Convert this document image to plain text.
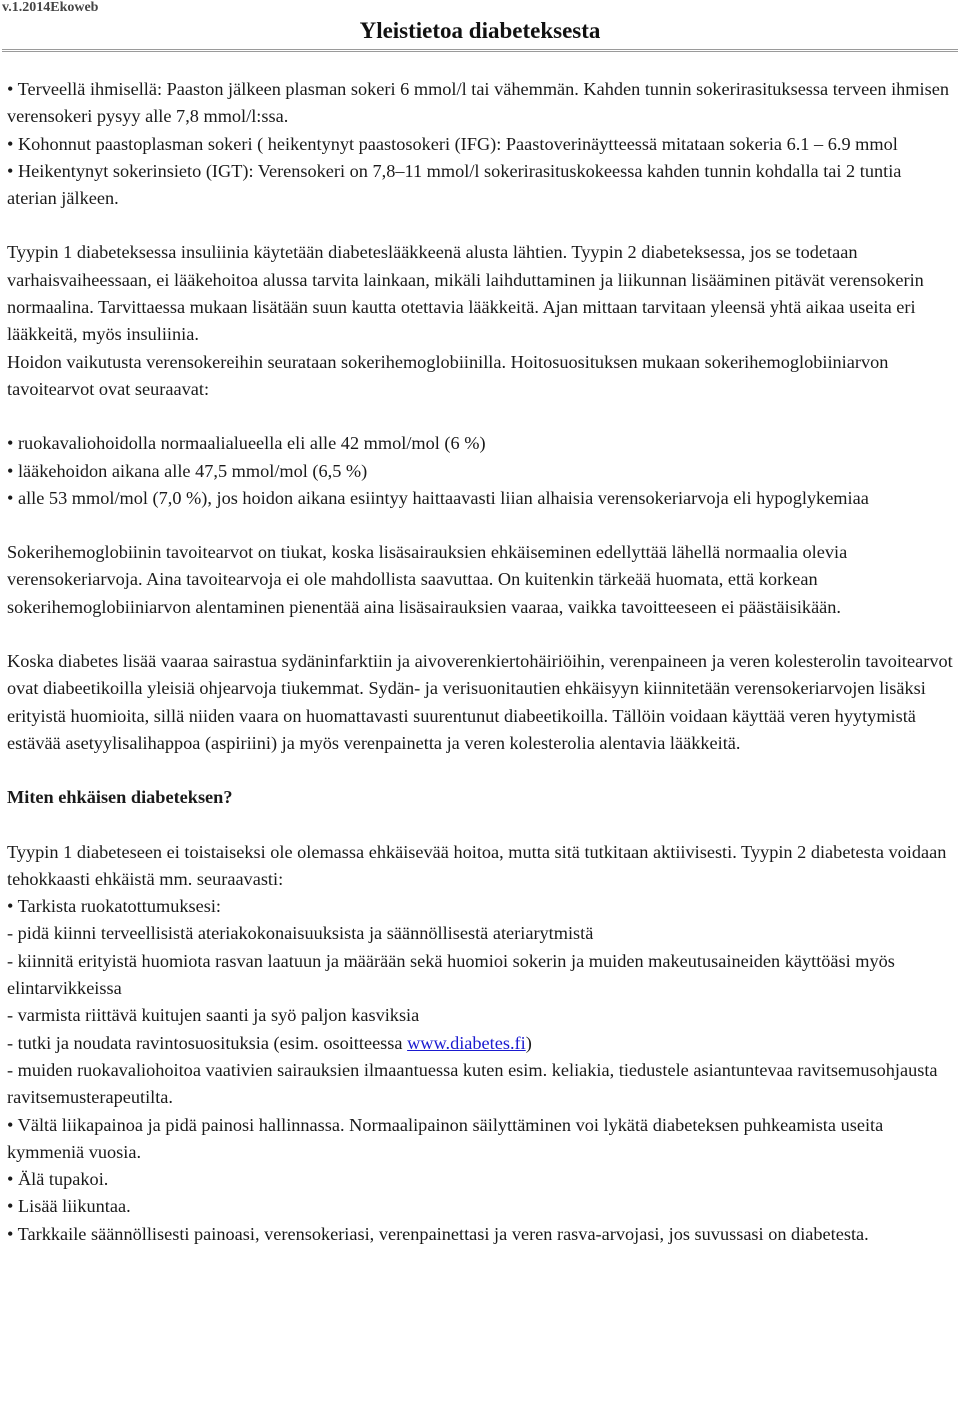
v.1.2014Ekoweb
Yleistietoa diabeteksesta

• Terveellä ihmisellä: Paaston jälkeen plasman sokeri 6 mmol/l tai vähemmän. Kahden tunnin sokerirasituksessa terveen ihmisen verensokeri pysyy alle 7,8 mmol/l:ssa.

• Kohonnut paastoplasman sokeri ( heikentynyt paastosokeri (IFG): Paastoverinäytteessä mitataan sokeria 6.1 – 6.9 mmol

• Heikentynyt sokerinsieto (IGT): Verensokeri on 7,8–11 mmol/l sokerirasituskokeessa kahden tunnin kohdalla tai 2 tuntia aterian jälkeen.

Tyypin 1 diabeteksessa insuliinia käytetään diabeteslääkkeenä alusta lähtien. Tyypin 2 diabeteksessa, jos se todetaan varhaisvaiheessaan, ei lääkehoitoa alussa tarvita lainkaan, mikäli laihduttaminen ja liikunnan lisääminen pitävät verensokerin normaalina. Tarvittaessa mukaan lisätään suun kautta otettavia lääkkeitä. Ajan mittaan tarvitaan yleensä yhtä aikaa useita eri lääkkeitä, myös insuliinia.

Hoidon vaikutusta verensokereihin seurataan sokerihemoglobiinilla. Hoitosuosituksen mukaan sokerihemoglobiiniarvon tavoitearvot ovat seuraavat:

• ruokavaliohoidolla normaalialueella eli alle 42 mmol/mol (6 %)

• lääkehoidon aikana alle 47,5 mmol/mol (6,5 %)

• alle 53 mmol/mol (7,0 %), jos hoidon aikana esiintyy haittaavasti liian alhaisia verensokeriarvoja eli hypoglykemiaa

Sokerihemoglobiinin tavoitearvot on tiukat, koska lisäsairauksien ehkäiseminen edellyttää lähellä normaalia olevia verensokeriarvoja. Aina tavoitearvoja ei ole mahdollista saavuttaa. On kuitenkin tärkeää huomata, että korkean sokerihemoglobiiniarvon alentaminen pienentää aina lisäsairauksien vaaraa, vaikka tavoitteeseen ei päästäisikään.

Koska diabetes lisää vaaraa sairastua sydäninfarktiin ja aivoverenkiertohäiriöihin, verenpaineen ja veren kolesterolin tavoitearvot ovat diabeetikoilla yleisiä ohjearvoja tiukemmat. Sydän- ja verisuonitautien ehkäisyyn kiinnitetään verensokeriarvojen lisäksi erityistä huomioita, sillä niiden vaara on huomattavasti suurentunut diabeetikoilla. Tällöin voidaan käyttää veren hyytymistä estävää asetyylisalihappoa (aspiriini) ja myös verenpainetta ja veren kolesterolia alentavia lääkkeitä.

Miten ehkäisen diabeteksen?

Tyypin 1 diabeteseen ei toistaiseksi ole olemassa ehkäisevää hoitoa, mutta sitä tutkitaan aktiivisesti. Tyypin 2 diabetesta voidaan tehokkaasti ehkäistä mm. seuraavasti:

• Tarkista ruokatottumuksesi:

- pidä kiinni terveellisistä ateriakokonaisuuksista ja säännöllisestä ateriarytmistä

- kiinnitä erityistä huomiota rasvan laatuun ja määrään sekä huomioi sokerin ja muiden makeutusaineiden käyttöäsi myös elintarvikkeissa

- varmista riittävä kuitujen saanti ja syö paljon kasviksia

- tutki ja noudata ravintosuosituksia (esim. osoitteessa www.diabetes.fi)

- muiden ruokavaliohoitoa vaativien sairauksien ilmaantuessa kuten esim. keliakia, tiedustele asiantuntevaa ravitsemusohjausta ravitsemusterapeutilta.

• Vältä liikapainoa ja pidä painosi hallinnassa. Normaalipainon säilyttäminen voi lykätä diabeteksen puhkeamista useita kymmeniä vuosia.

• Älä tupakoi.

• Lisää liikuntaa.

• Tarkkaile säännöllisesti painoasi, verensokeriasi, verenpainettasi ja veren rasva-arvojasi, jos suvussasi on diabetesta.
